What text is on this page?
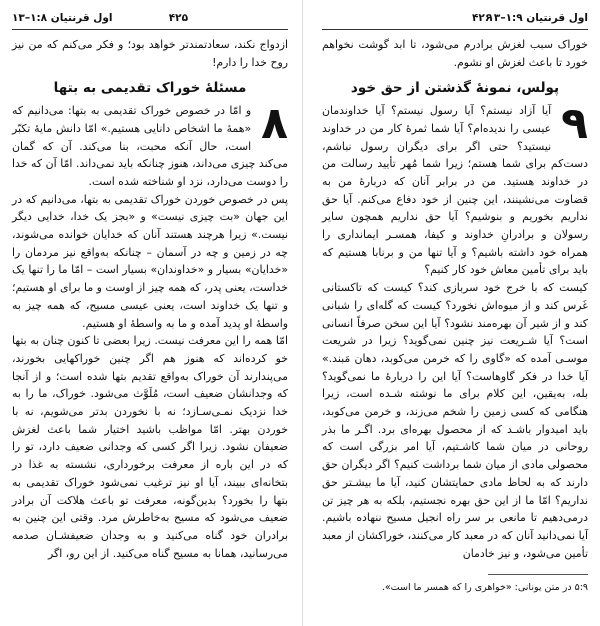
اول قرنتیان ۱:۹–۱۳
۴۲۶

خوراک سبب لغزش برادرم می‌شود، تا ابد گوشت نخواهم خورد تا باعث لغزش او نشوم.

پولس، نمونهٔ گذشتن از حق خود
۹

آیا آزاد نیستم؟ آیا رسول نیستم؟ آیا خداوندمان عیسی را ندیده‌ام؟ آیا شما ثمرهٔ کار من در خداوند نیستید؟ حتی اگر برای دیگران رسول نباشم، دست‌کم برای شما هستم؛ زیرا شما مُهر تأیید رسالت من در خداوند هستید. من در برابر آنان که دربارهٔ من به قضاوت می‌نشینند، این چنین از خود دفاع می‌کنم. آیا حق نداریم بخوریم و بنوشیم؟ آیا حق نداریم همچون سایر رسولان و برادرانِ خداوند و کیفا، همسـر ایمانداری را همراه خود داشته باشیم؟ و آیا تنها من و برنابا هستیم که باید برای تأمین معاش خود کار کنیم؟

کیست که با خرج خود سربازی کند؟ کیست که تاکستانی غَرس کند و از میوه‌اش نخورد؟ کیست که گله‌ای را شبانی کند و از شیر آن بهره‌مند نشود؟ آیا این سخن صرفاً انسانی است؟ آیا شـریعت نیز چنین نمی‌گوید؟ زیرا در شریعت موسـی آمده که «گاوی را که خرمن می‌کوبد، دهان مَبند.» آیا خدا در فکر گاوهاست؟ آیا این را دربارهٔ ما نمی‌گوید؟ بله، به‌یقین، این کلام برای ما نوشته شـده است، زیرا هنگامی که کسی زمین را شخم می‌زند، و خرمن می‌کوبد، باید امیدوار باشـد که از محصول بهره‌ای برد. اگـر ما بذر روحانی در میان شما کاشـتیم، آیا امر بزرگی است که محصولی مادی از میان شما برداشت کنیم؟ اگر دیگران حق دارند که به لحاظ مادی حمایتشان کنید، آیا ما بیشـتر حق نداریم؟ امّا ما از این حق بهره نجستیم، بلکه به هر چیز تن درمی‌دهیم تا مانعی بر سر راه انجیل مسیح ننهاده باشیم. آیا نمی‌دانید آنان که در معبد کار می‌کنند، خوراکشان از معبد تأمین می‌شود، و نیز خادمان

۵:۹ در متن یونانی: «خواهری را که همسر ما است».
اول قرنتیان ۱:۸–۱۳	۴۲۵

ازدواج نکند، سعادتمندتر خواهد بود؛ و فکر می‌کنم که من نیز روح خدا را دارم!

مسئلهٔ خوراک تقدیمی به بتها
۸

و امّا در خصوص خوراک تقدیمی به بتها: می‌دانیم که «همهٔ ما اشخاص دانایی هستیم.» امّا دانش مایهٔ تکبّر است، حال آنکه محبت، بنا می‌کند. آن که گمان می‌کند چیزی می‌داند، هنوز چنانکه باید نمی‌داند. امّا آن که خدا را دوست می‌دارد، نزد او شناخته شده است.

پس در خصوص خوردن خوراک تقدیمی به بتها، می‌دانیم که در این جهان «بت چیزی نیست» و «بجز یک خدا، خدایی دیگر نیست.» زیرا هرچند هستند آنان که خدایان خوانده می‌شوند، چه در زمین و چه در آسمان – چنانکه به‌واقع نیز مردمان را «خدایان» بسیار و «خداوندان» بسیار است – امّا ما را تنها یک خداست، یعنی پدر، که همه چیز از اوست و ما برای او هستیم؛ و تنها یک خداوند است، یعنی عیسی مسیح، که همه چیز به واسطهٔ او پدید آمده و ما به واسطهٔ او هستیم.

امّا همه را این معرفت نیست. زیرا بعضی تا کنون چنان به بتها خو کرده‌اند که هنوز هم اگر چنین خوراکهایی بخورند، می‌پندارند آن خوراک به‌واقع تقدیم بتها شده است؛ و از آنجا که وجدانشان ضعیف است، مُلَوَّث می‌شود. خوراک، ما را به خدا نزدیک نمـی‌سـازد؛ نه با نخوردن بدتر می‌شویم، نه با خوردن بهتر. امّا مواظب باشید اختیار شما باعث لغزش ضعیفان نشود. زیرا اگر کسی که وجدانی ضعیف دارد، تو را که در این باره از معرفت برخورداری، نشسته به غذا در بتخانه‌ای ببیند، آیا او نیز ترغیب نمی‌شود خوراک تقدیمی به بتها را بخورد؟ بدین‌گونه، معرفت تو باعث هلاکت آن برادر ضعیف می‌شود که مسیح به‌خاطرش مرد. وقتی این چنین به برادران خود گناه می‌کنید و به وجدان ضعیفشـان صدمه می‌رسانید، همانا به مسیح گناه می‌کنید. از این رو، اگر
